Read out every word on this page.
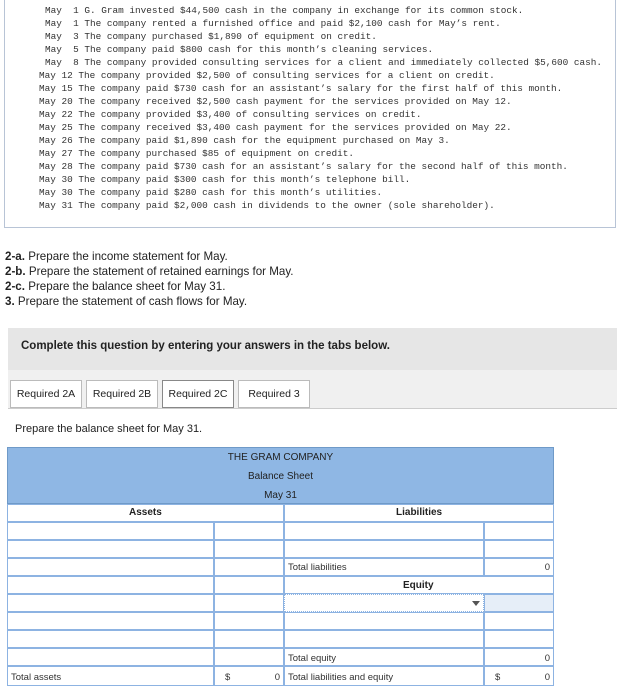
May  1 G. Gram invested $44,500 cash in the company in exchange for its common stock.
May  1 The company rented a furnished office and paid $2,100 cash for May’s rent.
May  3 The company purchased $1,890 of equipment on credit.
May  5 The company paid $800 cash for this month’s cleaning services.
May  8 The company provided consulting services for a client and immediately collected $5,600 cash.
May 12 The company provided $2,500 of consulting services for a client on credit.
May 15 The company paid $730 cash for an assistant’s salary for the first half of this month.
May 20 The company received $2,500 cash payment for the services provided on May 12.
May 22 The company provided $3,400 of consulting services on credit.
May 25 The company received $3,400 cash payment for the services provided on May 22.
May 26 The company paid $1,890 cash for the equipment purchased on May 3.
May 27 The company purchased $85 of equipment on credit.
May 28 The company paid $730 cash for an assistant’s salary for the second half of this month.
May 30 The company paid $300 cash for this month’s telephone bill.
May 30 The company paid $280 cash for this month’s utilities.
May 31 The company paid $2,000 cash in dividends to the owner (sole shareholder).
2-a. Prepare the income statement for May.
2-b. Prepare the statement of retained earnings for May.
2-c. Prepare the balance sheet for May 31.
3. Prepare the statement of cash flows for May.
Complete this question by entering your answers in the tabs below.
Required 2A	Required 2B	Required 2C	Required 3
Prepare the balance sheet for May 31.
THE GRAM COMPANY
Balance Sheet
May 31
Assets	Liabilities
Total liabilities	0
Equity
Total equity	0
Total assets	$	0 Total liabilities and equity	$	0
